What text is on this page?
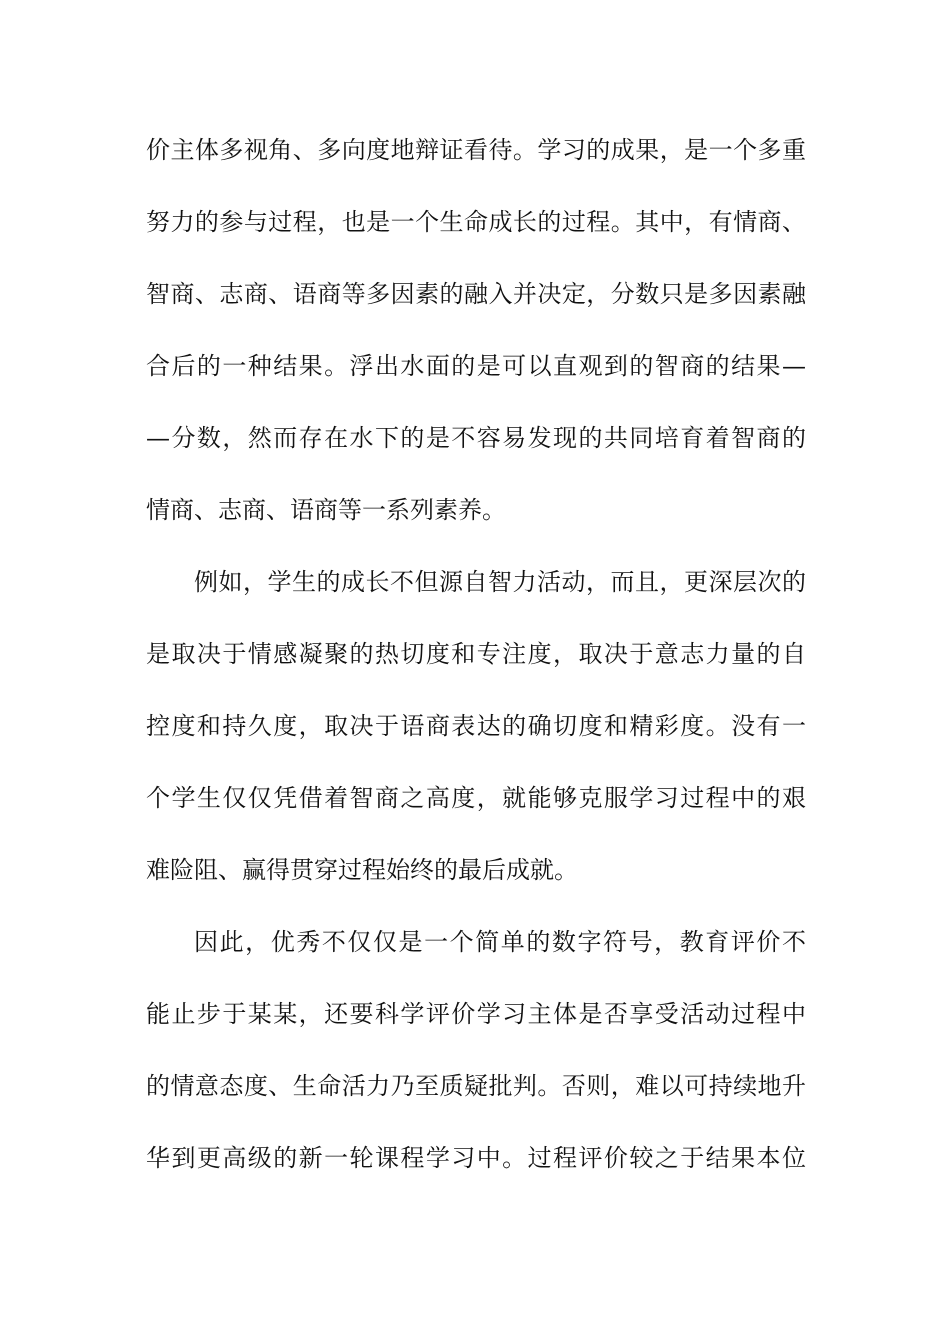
价主体多视角、多向度地辩证看待。学习的成果，是一个多重
努力的参与过程，也是一个生命成长的过程。其中，有情商、
智商、志商、语商等多因素的融入并决定，分数只是多因素融
合后的一种结果。浮出水面的是可以直观到的智商的结果—
—分数，然而存在水下的是不容易发现的共同培育着智商的
情商、志商、语商等一系列素养。
例如，学生的成长不但源自智力活动，而且，更深层次的
是取决于情感凝聚的热切度和专注度，取决于意志力量的自
控度和持久度，取决于语商表达的确切度和精彩度。没有一
个学生仅仅凭借着智商之高度，就能够克服学习过程中的艰
难险阻、赢得贯穿过程始终的最后成就。
因此，优秀不仅仅是一个简单的数字符号，教育评价不
能止步于某某，还要科学评价学习主体是否享受活动过程中
的情意态度、生命活力乃至质疑批判。否则，难以可持续地升
华到更高级的新一轮课程学习中。过程评价较之于结果本位
